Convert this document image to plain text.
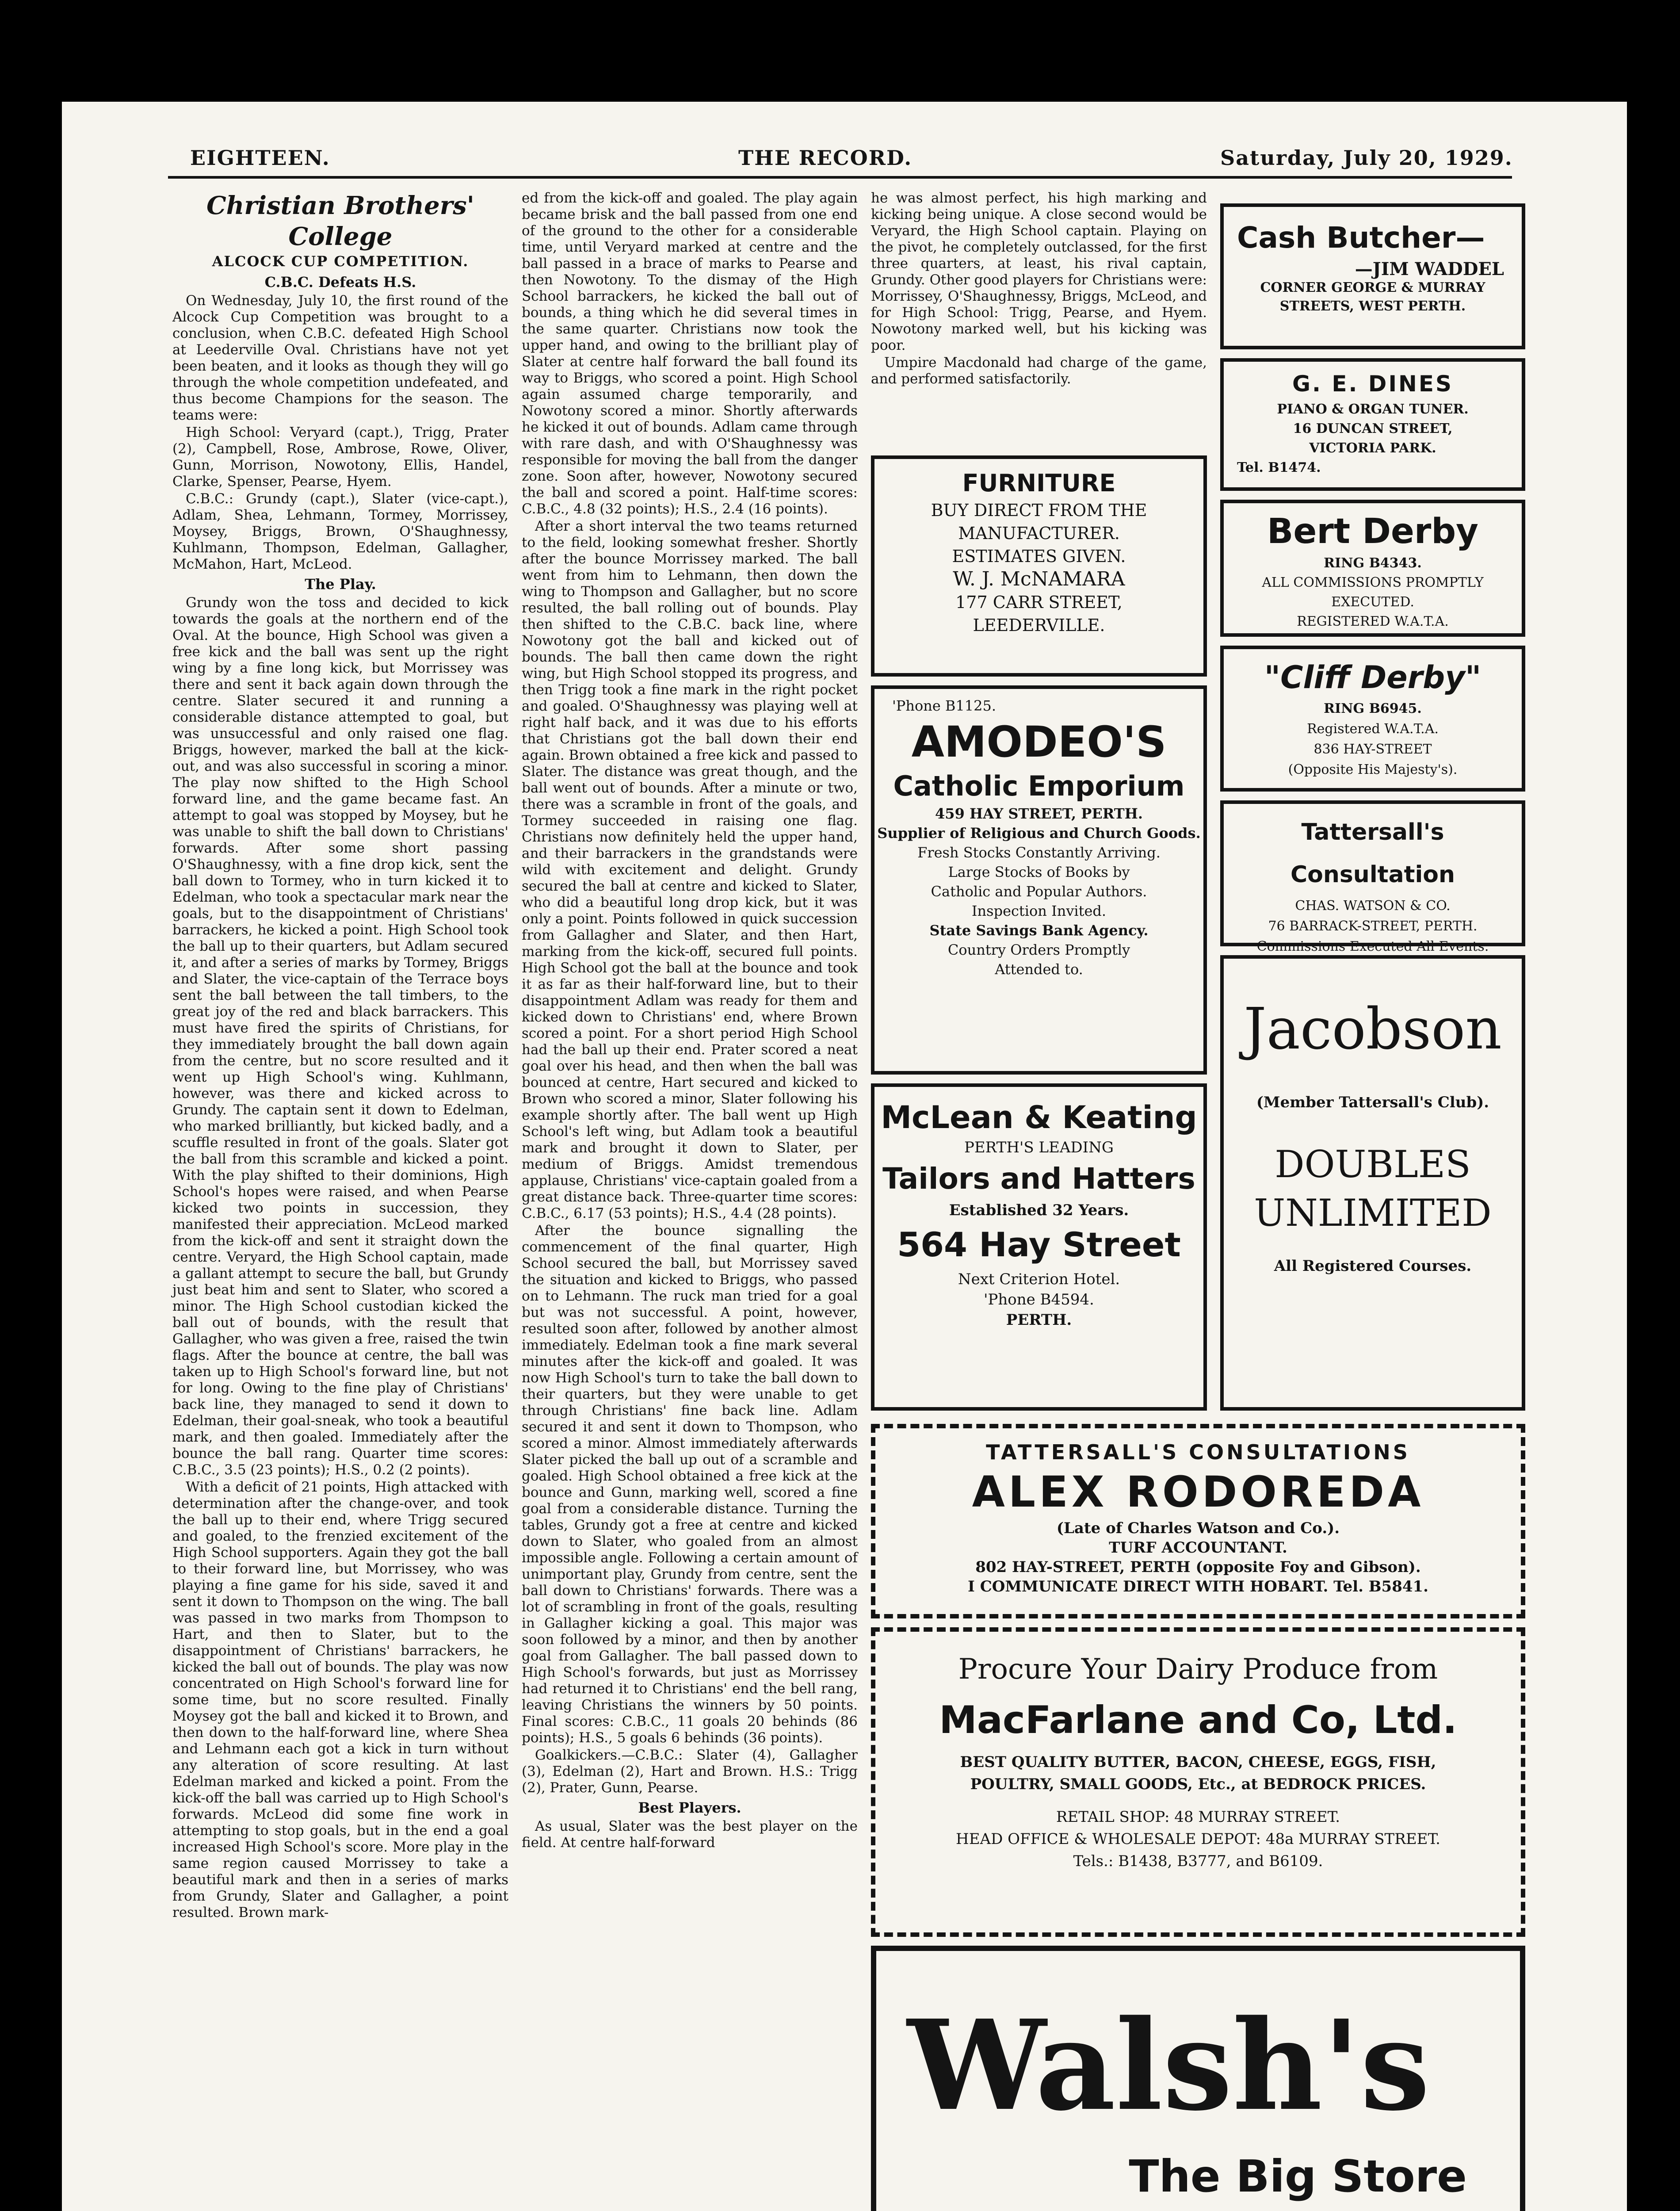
EIGHTEEN.	THE RECORD.	Saturday, July 20, 1929.
Christian Brothers' College
ALCOCK CUP COMPETITION.
C.B.C. Defeats H.S.

On Wednesday, July 10, the first round of the Alcock Cup Competition was brought to a conclusion, when C.B.C. defeated High School at Leederville Oval. Christians have not yet been beaten, and it looks as though they will go through the whole competition undefeated, and thus become Champions for the season. The teams were:

High School: Veryard (capt.), Trigg, Prater (2), Campbell, Rose, Ambrose, Rowe, Oliver, Gunn, Morrison, Nowotony, Ellis, Handel, Clarke, Spenser, Pearse, Hyem.

C.B.C.: Grundy (capt.), Slater (vice-capt.), Adlam, Shea, Lehmann, Tormey, Morrissey, Moysey, Briggs, Brown, O'Shaughnessy, Kuhlmann, Thompson, Edelman, Gallagher, McMahon, Hart, McLeod.

The Play.

Grundy won the toss and decided to kick towards the goals at the northern end of the Oval. At the bounce, High School was given a free kick and the ball was sent up the right wing by a fine long kick, but Morrissey was there and sent it back again down through the centre. Slater secured it and running a considerable distance attempted to goal, but was unsuccessful and only raised one flag. Briggs, however, marked the ball at the kick-out, and was also successful in scoring a minor. The play now shifted to the High School forward line, and the game became fast. An attempt to goal was stopped by Moysey, but he was unable to shift the ball down to Christians' forwards. After some short passing O'Shaughnessy, with a fine drop kick, sent the ball down to Tormey, who in turn kicked it to Edelman, who took a spectacular mark near the goals, but to the disappointment of Christians' barrackers, he kicked a point. High School took the ball up to their quarters, but Adlam secured it, and after a series of marks by Tormey, Briggs and Slater, the vice-captain of the Terrace boys sent the ball between the tall timbers, to the great joy of the red and black barrackers. This must have fired the spirits of Christians, for they immediately brought the ball down again from the centre, but no score resulted and it went up High School's wing. Kuhlmann, however, was there and kicked across to Grundy. The captain sent it down to Edelman, who marked brilliantly, but kicked badly, and a scuffle resulted in front of the goals. Slater got the ball from this scramble and kicked a point. With the play shifted to their dominions, High School's hopes were raised, and when Pearse kicked two points in succession, they manifested their appreciation. McLeod marked from the kick-off and sent it straight down the centre. Veryard, the High School captain, made a gallant attempt to secure the ball, but Grundy just beat him and sent to Slater, who scored a minor. The High School custodian kicked the ball out of bounds, with the result that Gallagher, who was given a free, raised the twin flags. After the bounce at centre, the ball was taken up to High School's forward line, but not for long. Owing to the fine play of Christians' back line, they managed to send it down to Edelman, their goal-sneak, who took a beautiful mark, and then goaled. Immediately after the bounce the ball rang. Quarter time scores: C.B.C., 3.5 (23 points); H.S., 0.2 (2 points).

With a deficit of 21 points, High attacked with determination after the change-over, and took the ball up to their end, where Trigg secured and goaled, to the frenzied excitement of the High School supporters. Again they got the ball to their forward line, but Morrissey, who was playing a fine game for his side, saved it and sent it down to Thompson on the wing. The ball was passed in two marks from Thompson to Hart, and then to Slater, but to the disappointment of Christians' barrackers, he kicked the ball out of bounds. The play was now concentrated on High School's forward line for some time, but no score resulted. Finally Moysey got the ball and kicked it to Brown, and then down to the half-forward line, where Shea and Lehmann each got a kick in turn without any alteration of score resulting. At last Edelman marked and kicked a point. From the kick-off the ball was carried up to High School's forwards. McLeod did some fine work in attempting to stop goals, but in the end a goal increased High School's score. More play in the same region caused Morrissey to take a beautiful mark and then in a series of marks from Grundy, Slater and Gallagher, a point resulted. Brown mark-

ed from the kick-off and goaled. The play again became brisk and the ball passed from one end of the ground to the other for a considerable time, until Veryard marked at centre and the ball passed in a brace of marks to Pearse and then Nowotony. To the dismay of the High School barrackers, he kicked the ball out of bounds, a thing which he did several times in the same quarter. Christians now took the upper hand, and owing to the brilliant play of Slater at centre half forward the ball found its way to Briggs, who scored a point. High School again assumed charge temporarily, and Nowotony scored a minor. Shortly afterwards he kicked it out of bounds. Adlam came through with rare dash, and with O'Shaughnessy was responsible for moving the ball from the danger zone. Soon after, however, Nowotony secured the ball and scored a point. Half-time scores: C.B.C., 4.8 (32 points); H.S., 2.4 (16 points).

After a short interval the two teams returned to the field, looking somewhat fresher. Shortly after the bounce Morrissey marked. The ball went from him to Lehmann, then down the wing to Thompson and Gallagher, but no score resulted, the ball rolling out of bounds. Play then shifted to the C.B.C. back line, where Nowotony got the ball and kicked out of bounds. The ball then came down the right wing, but High School stopped its progress, and then Trigg took a fine mark in the right pocket and goaled. O'Shaughnessy was playing well at right half back, and it was due to his efforts that Christians got the ball down their end again. Brown obtained a free kick and passed to Slater. The distance was great though, and the ball went out of bounds. After a minute or two, there was a scramble in front of the goals, and Tormey succeeded in raising one flag. Christians now definitely held the upper hand, and their barrackers in the grandstands were wild with excitement and delight. Grundy secured the ball at centre and kicked to Slater, who did a beautiful long drop kick, but it was only a point. Points followed in quick succession from Gallagher and Slater, and then Hart, marking from the kick-off, secured full points. High School got the ball at the bounce and took it as far as their half-forward line, but to their disappointment Adlam was ready for them and kicked down to Christians' end, where Brown scored a point. For a short period High School had the ball up their end. Prater scored a neat goal over his head, and then when the ball was bounced at centre, Hart secured and kicked to Brown who scored a minor, Slater following his example shortly after. The ball went up High School's left wing, but Adlam took a beautiful mark and brought it down to Slater, per medium of Briggs. Amidst tremendous applause, Christians' vice-captain goaled from a great distance back. Three-quarter time scores: C.B.C., 6.17 (53 points); H.S., 4.4 (28 points).

After the bounce signalling the commencement of the final quarter, High School secured the ball, but Morrissey saved the situation and kicked to Briggs, who passed on to Lehmann. The ruck man tried for a goal but was not successful. A point, however, resulted soon after, followed by another almost immediately. Edelman took a fine mark several minutes after the kick-off and goaled. It was now High School's turn to take the ball down to their quarters, but they were unable to get through Christians' fine back line. Adlam secured it and sent it down to Thompson, who scored a minor. Almost immediately afterwards Slater picked the ball up out of a scramble and goaled. High School obtained a free kick at the bounce and Gunn, marking well, scored a fine goal from a considerable distance. Turning the tables, Grundy got a free at centre and kicked down to Slater, who goaled from an almost impossible angle. Following a certain amount of unimportant play, Grundy from centre, sent the ball down to Christians' forwards. There was a lot of scrambling in front of the goals, resulting in Gallagher kicking a goal. This major was soon followed by a minor, and then by another goal from Gallagher. The ball passed down to High School's forwards, but just as Morrissey had returned it to Christians' end the bell rang, leaving Christians the winners by 50 points. Final scores: C.B.C., 11 goals 20 behinds (86 points); H.S., 5 goals 6 behinds (36 points).

Goalkickers.—C.B.C.: Slater (4), Gallagher (3), Edelman (2), Hart and Brown. H.S.: Trigg (2), Prater, Gunn, Pearse.

Best Players.

As usual, Slater was the best player on the field. At centre half-forward

he was almost perfect, his high marking and kicking being unique. A close second would be Veryard, the High School captain. Playing on the pivot, he completely outclassed, for the first three quarters, at least, his rival captain, Grundy. Other good players for Christians were: Morrissey, O'Shaughnessy, Briggs, McLeod, and for High School: Trigg, Pearse, and Hyem. Nowotony marked well, but his kicking was poor.

Umpire Macdonald had charge of the game, and performed satisfactorily.

FURNITURE
BUY DIRECT FROM THE
MANUFACTURER.
ESTIMATES GIVEN.
W. J. McNAMARA
177 CARR STREET,
LEEDERVILLE.
'Phone B1125.
AMODEO'S
Catholic Emporium
459 HAY STREET, PERTH.
Supplier of Religious and Church Goods.
Fresh Stocks Constantly Arriving.
Large Stocks of Books by
Catholic and Popular Authors.
Inspection Invited.
State Savings Bank Agency.
Country Orders Promptly
Attended to.
McLean & Keating
PERTH'S LEADING
Tailors and Hatters
Established 32 Years.
564 Hay Street
Next Criterion Hotel.
'Phone B4594.
PERTH.
Cash Butcher—
—JIM WADDEL
CORNER GEORGE & MURRAY
STREETS, WEST PERTH.
G. E. DINES
PIANO & ORGAN TUNER.
16 DUNCAN STREET,
VICTORIA PARK.
Tel. B1474.
Bert Derby
RING B4343.
ALL COMMISSIONS PROMPTLY
EXECUTED.
REGISTERED W.A.T.A.
"Cliff Derby"
RING B6945.
Registered W.A.T.A.
836 HAY-STREET
(Opposite His Majesty's).
Tattersall's Consultation
CHAS. WATSON & CO.
76 BARRACK-STREET, PERTH.
Commissions Executed All Events.
Jacobson
(Member Tattersall's Club).
DOUBLES
UNLIMITED
All Registered Courses.
TATTERSALL'S CONSULTATIONS
ALEX RODOREDA
(Late of Charles Watson and Co.).
TURF ACCOUNTANT.
802 HAY-STREET, PERTH (opposite Foy and Gibson).
I COMMUNICATE DIRECT WITH HOBART. Tel. B5841.
Procure Your Dairy Produce from
MacFarlane and Co, Ltd.
BEST QUALITY BUTTER, BACON, CHEESE, EGGS, FISH,
POULTRY, SMALL GOODS, Etc., at BEDROCK PRICES.
RETAIL SHOP: 48 MURRAY STREET.
HEAD OFFICE & WHOLESALE DEPOT: 48a MURRAY STREET.
Tels.: B1438, B3777, and B6109.
Walsh's
The Big Store
